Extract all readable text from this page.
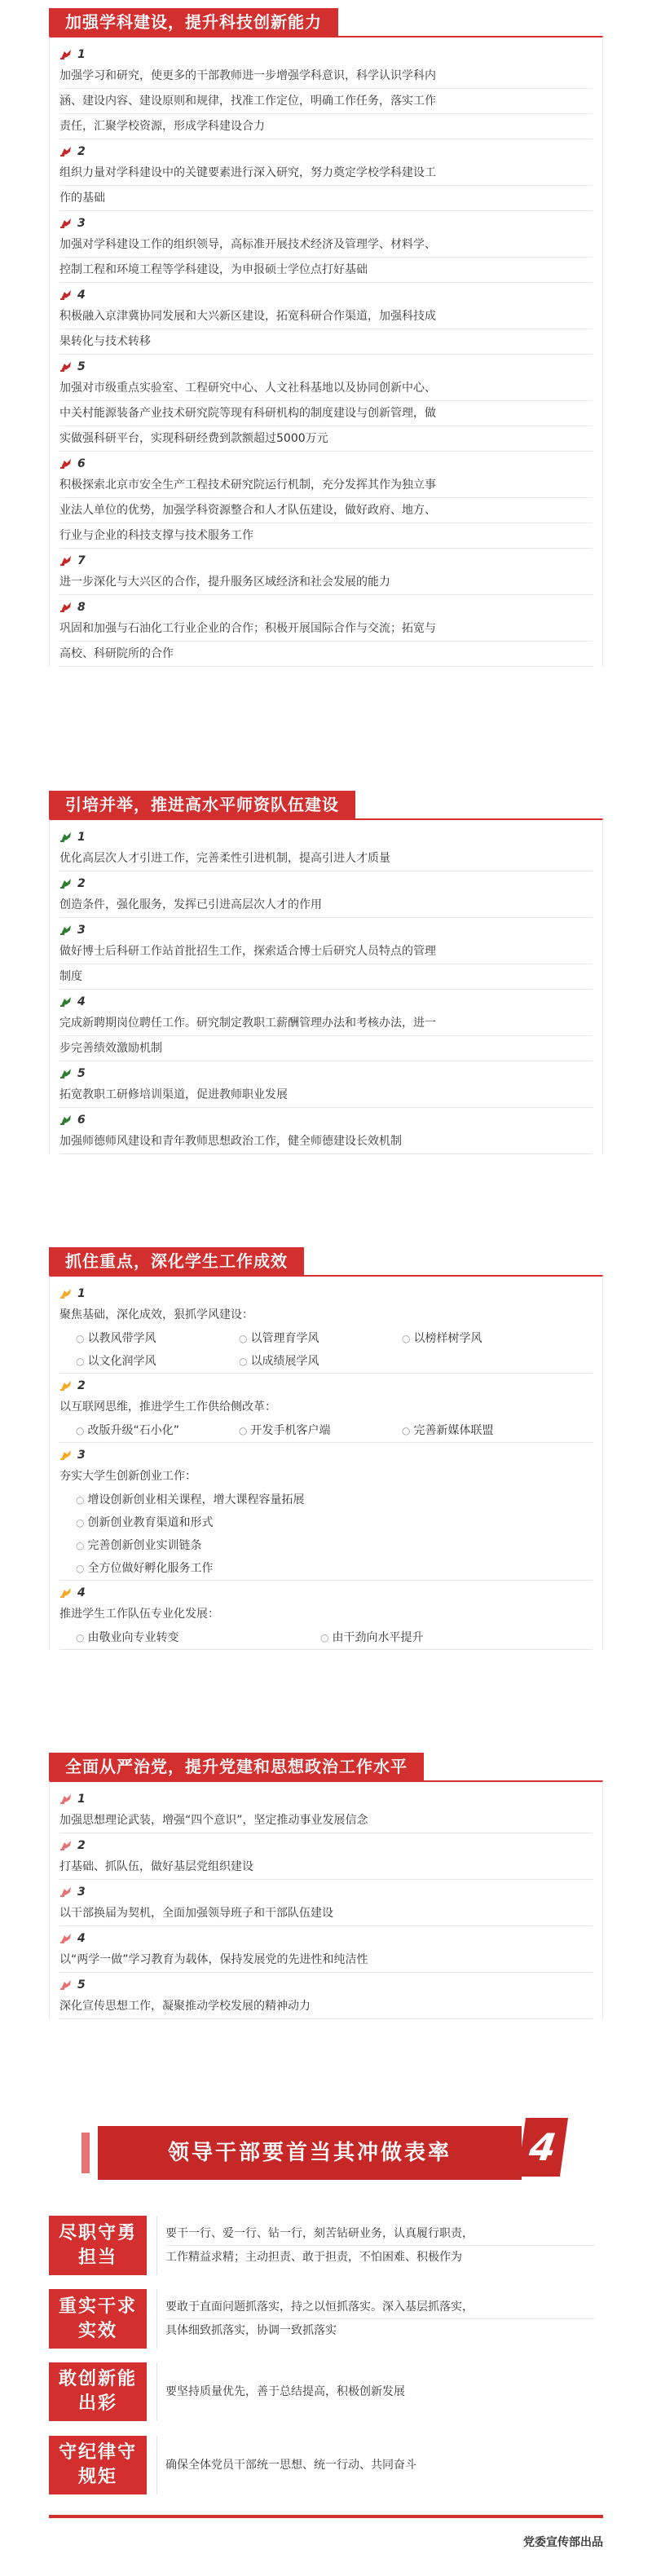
加强学科建设，提升科技创新能力
1
加强学习和研究，使更多的干部教师进一步增强学科意识，科学认识学科内
涵、建设内容、建设原则和规律，找准工作定位，明确工作任务，落实工作
责任，汇聚学校资源，形成学科建设合力
2
组织力量对学科建设中的关键要素进行深入研究，努力奠定学校学科建设工
作的基础
3
加强对学科建设工作的组织领导，高标准开展技术经济及管理学、材料学、
控制工程和环境工程等学科建设，为申报硕士学位点打好基础
4
积极融入京津冀协同发展和大兴新区建设，拓宽科研合作渠道，加强科技成
果转化与技术转移
5
加强对市级重点实验室、工程研究中心、人文社科基地以及协同创新中心、
中关村能源装备产业技术研究院等现有科研机构的制度建设与创新管理，做
实做强科研平台，实现科研经费到款额超过5000万元
6
积极探索北京市安全生产工程技术研究院运行机制，充分发挥其作为独立事
业法人单位的优势，加强学科资源整合和人才队伍建设，做好政府、地方、
行业与企业的科技支撑与技术服务工作
7
进一步深化与大兴区的合作，提升服务区域经济和社会发展的能力
8
巩固和加强与石油化工行业企业的合作；积极开展国际合作与交流；拓宽与
高校、科研院所的合作
引培并举，推进高水平师资队伍建设
1
优化高层次人才引进工作，完善柔性引进机制，提高引进人才质量
2
创造条件，强化服务，发挥已引进高层次人才的作用
3
做好博士后科研工作站首批招生工作，探索适合博士后研究人员特点的管理
制度
4
完成新聘期岗位聘任工作。研究制定教职工薪酬管理办法和考核办法，进一
步完善绩效激励机制
5
拓宽教职工研修培训渠道，促进教师职业发展
6
加强师德师风建设和青年教师思想政治工作，健全师德建设长效机制
抓住重点，深化学生工作成效
1
聚焦基础，深化成效，狠抓学风建设：
○ 以教风带学风	○ 以管理育学风	○ 以榜样树学风
○ 以文化润学风	○ 以成绩展学风
2
以互联网思维，推进学生工作供给侧改革：
○ 改版升级“石小化”	○ 开发手机客户端	○ 完善新媒体联盟
3
夯实大学生创新创业工作：
○ 增设创新创业相关课程，增大课程容量拓展
○ 创新创业教育渠道和形式
○ 完善创新创业实训链条
○ 全方位做好孵化服务工作
4
推进学生工作队伍专业化发展：
○ 由敬业向专业转变	○ 由干劲向水平提升
全面从严治党，提升党建和思想政治工作水平
1
加强思想理论武装，增强“四个意识”，坚定推动事业发展信念
2
打基础、抓队伍，做好基层党组织建设
3
以干部换届为契机，全面加强领导班子和干部队伍建设
4
以“两学一做”学习教育为载体，保持发展党的先进性和纯洁性
5
深化宣传思想工作，凝聚推动学校发展的精神动力
领导干部要首当其冲做表率	4
尽职守勇担当
要干一行、爱一行、钻一行，刻苦钻研业务，认真履行职责，
工作精益求精；主动担责、敢于担责，不怕困难、积极作为
重实干求实效
要敢于直面问题抓落实，持之以恒抓落实。深入基层抓落实，
具体细致抓落实，协调一致抓落实
敢创新能出彩
要坚持质量优先，善于总结提高，积极创新发展
守纪律守规矩
确保全体党员干部统一思想、统一行动、共同奋斗
党委宣传部出品
